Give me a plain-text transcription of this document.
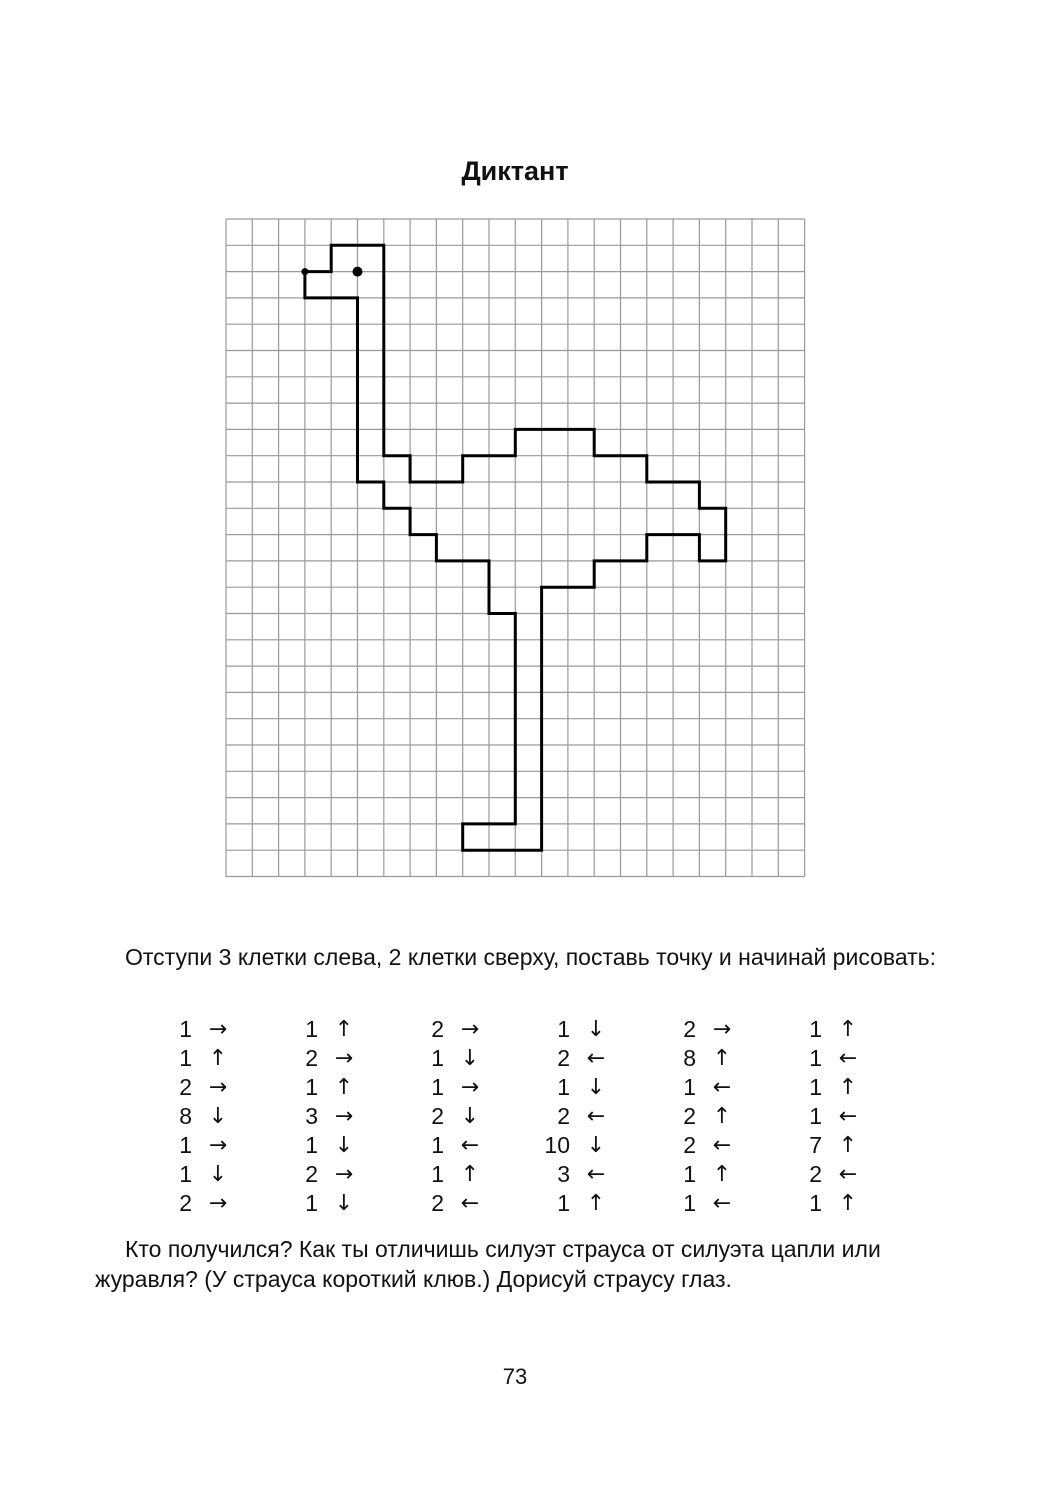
Диктант

Отступи 3 клетки слева, 2 клетки сверху, поставь точку и начинай рисовать:

1 →	1 ↑	2 →	1 ↓	2 →	1 ↑
1 ↑	2 →	1 ↓	2 ←	8 ↑	1 ←
2 →	1 ↑	1 →	1 ↓	1 ←	1 ↑
8 ↓	3 →	2 ↓	2 ←	2 ↑	1 ←
1 →	1 ↓	1 ←	10 ↓	2 ←	7 ↑
1 ↓	2 →	1 ↑	3 ←	1 ↑	2 ←
2 →	1 ↓	2 ←	1 ↑	1 ←	1 ↑

Кто получился? Как ты отличишь силуэт страуса от силуэта цапли или журавля? (У страуса короткий клюв.) Дорисуй страусу глаз.

73
